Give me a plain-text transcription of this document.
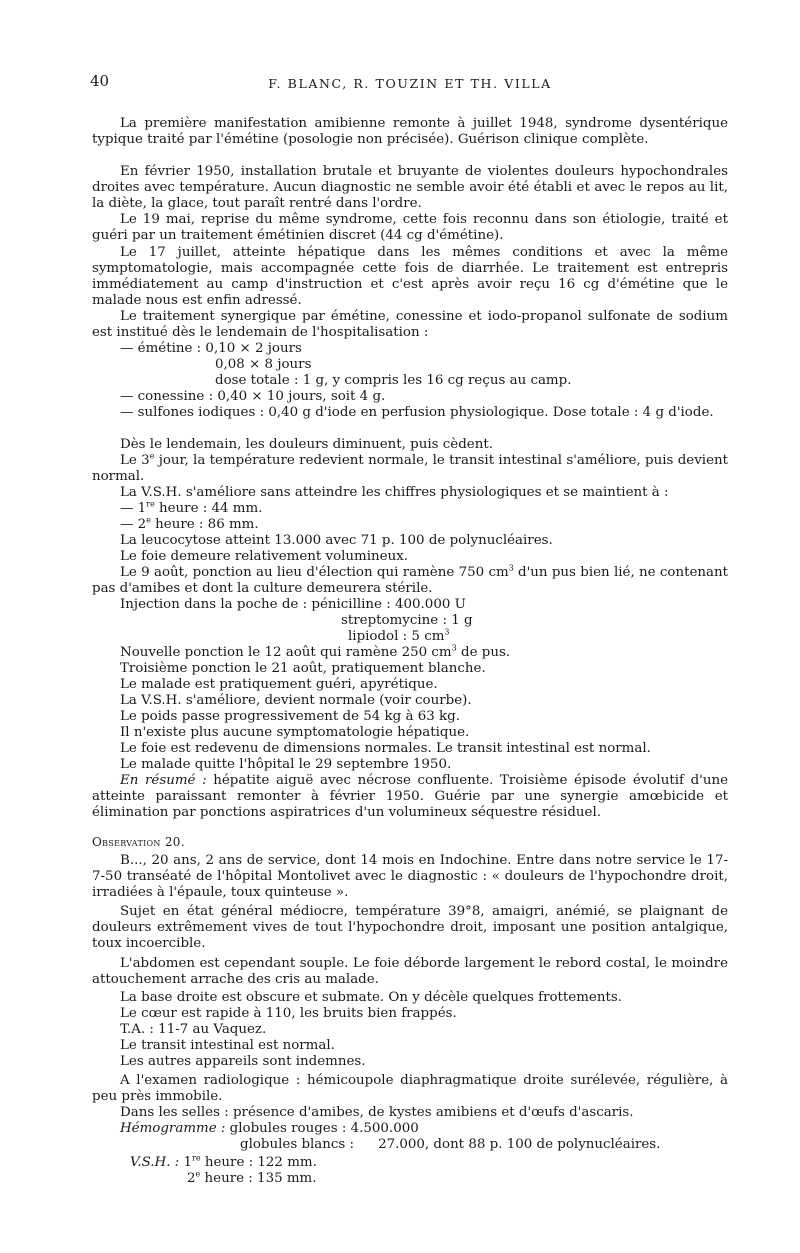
40	F. BLANC, R. TOUZIN ET TH. VILLA

La première manifestation amibienne remonte à juillet 1948, syndrome dysentérique typique traité par l'émétine (posologie non précisée). Guérison clinique complète.

En février 1950, installation brutale et bruyante de violentes douleurs hypochondrales droites avec température. Aucun diagnostic ne semble avoir été établi et avec le repos au lit, la diète, la glace, tout paraît rentré dans l'ordre.

Le 19 mai, reprise du même syndrome, cette fois reconnu dans son étiologie, traité et guéri par un traitement émétinien discret (44 cg d'émétine).

Le 17 juillet, atteinte hépatique dans les mêmes conditions et avec la même symptomatologie, mais accompagnée cette fois de diarrhée. Le traitement est entrepris immédiatement au camp d'instruction et c'est après avoir reçu 16 cg d'émétine que le malade nous est enfin adressé.

Le traitement synergique par émétine, conessine et iodo-propanol sulfonate de sodium est institué dès le lendemain de l'hospitalisation :

— émétine : 0,10 × 2 jours

0,08 × 8 jours

dose totale : 1 g, y compris les 16 cg reçus au camp.

— conessine : 0,40 × 10 jours, soit 4 g.

— sulfones iodiques : 0,40 g d'iode en perfusion physiologique. Dose totale : 4 g d'iode.

Dès le lendemain, les douleurs diminuent, puis cèdent.

Le 3e jour, la température redevient normale, le transit intestinal s'améliore, puis devient normal.

La V.S.H. s'améliore sans atteindre les chiffres physiologiques et se maintient à :

— 1re heure : 44 mm.

— 2e heure : 86 mm.

La leucocytose atteint 13.000 avec 71 p. 100 de polynucléaires.

Le foie demeure relativement volumineux.

Le 9 août, ponction au lieu d'élection qui ramène 750 $cm^3$ d'un pus bien lié, ne contenant pas d'amibes et dont la culture demeurera stérile.

Injection dans la poche de : pénicilline : 400.000 U

streptomycine : 1 g

lipiodol : 5 $cm^3$

Nouvelle ponction le 12 août qui ramène 250 $cm^3$ de pus.

Troisième ponction le 21 août, pratiquement blanche.

Le malade est pratiquement guéri, apyrétique.

La V.S.H. s'améliore, devient normale (voir courbe).

Le poids passe progressivement de 54 kg à 63 kg.

Il n'existe plus aucune symptomatologie hépatique.

Le foie est redevenu de dimensions normales. Le transit intestinal est normal.

Le malade quitte l'hôpital le 29 septembre 1950.

En résumé : hépatite aiguë avec nécrose confluente. Troisième épisode évolutif d'une atteinte paraissant remonter à février 1950. Guérie par une synergie amœbicide et élimination par ponctions aspiratrices d'un volumineux séquestre résiduel.

Observation 20.

B..., 20 ans, 2 ans de service, dont 14 mois en Indochine. Entre dans notre service le 17-7-50 transéaté de l'hôpital Montolivet avec le diagnostic : « douleurs de l'hypochondre droit, irradiées à l'épaule, toux quinteuse ».

Sujet en état général médiocre, température 39°8, amaigri, anémié, se plaignant de douleurs extrêmement vives de tout l'hypochondre droit, imposant une position antalgique, toux incoercible.

L'abdomen est cependant souple. Le foie déborde largement le rebord costal, le moindre attouchement arrache des cris au malade.

La base droite est obscure et submate. On y décèle quelques frottements.

Le cœur est rapide à 110, les bruits bien frappés.

T.A. : 11-7 au Vaquez.

Le transit intestinal est normal.

Les autres appareils sont indemnes.

A l'examen radiologique : hémicoupole diaphragmatique droite surélevée, régulière, à peu près immobile.

Dans les selles : présence d'amibes, de kystes amibiens et d'œufs d'ascaris.

Hémogramme : globules rouges : 4.500.000

globules blancs : 27.000, dont 88 p. 100 de polynucléaires.

V.S.H. : 1re heure : 122 mm.

2e heure : 135 mm.
